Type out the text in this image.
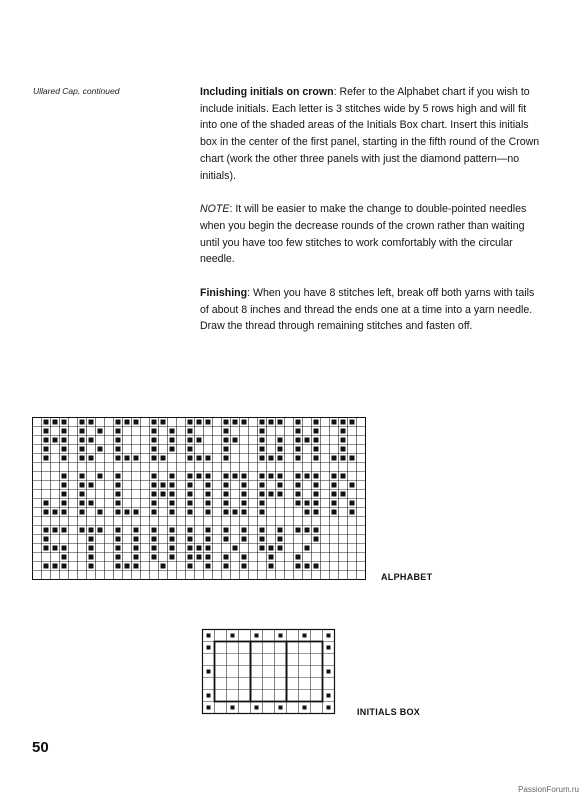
Ullared Cap, continued	Including initials on crown: Refer to the Alphabet chart if you wish to include initials. Each letter is 3 stitches wide by 5 rows high and will fit into one of the shaded areas of the Initials Box chart. Insert this initials box in the center of the first panel, starting in the fifth round of the Crown chart (work the other three panels with just the diamond pattern—no initials).

NOTE: It will be easier to make the change to double-pointed needles when you begin the decrease rounds of the crown rather than waiting until you have too few stitches to work comfortably with the circular needle.

Finishing: When you have 8 stitches left, break off both yarns with tails of about 8 inches and thread the ends one at a time into a yarn needle. Draw the thread through remaining stitches and fasten off.

ALPHABET
INITIALS BOX
50
PassionForum.ru
